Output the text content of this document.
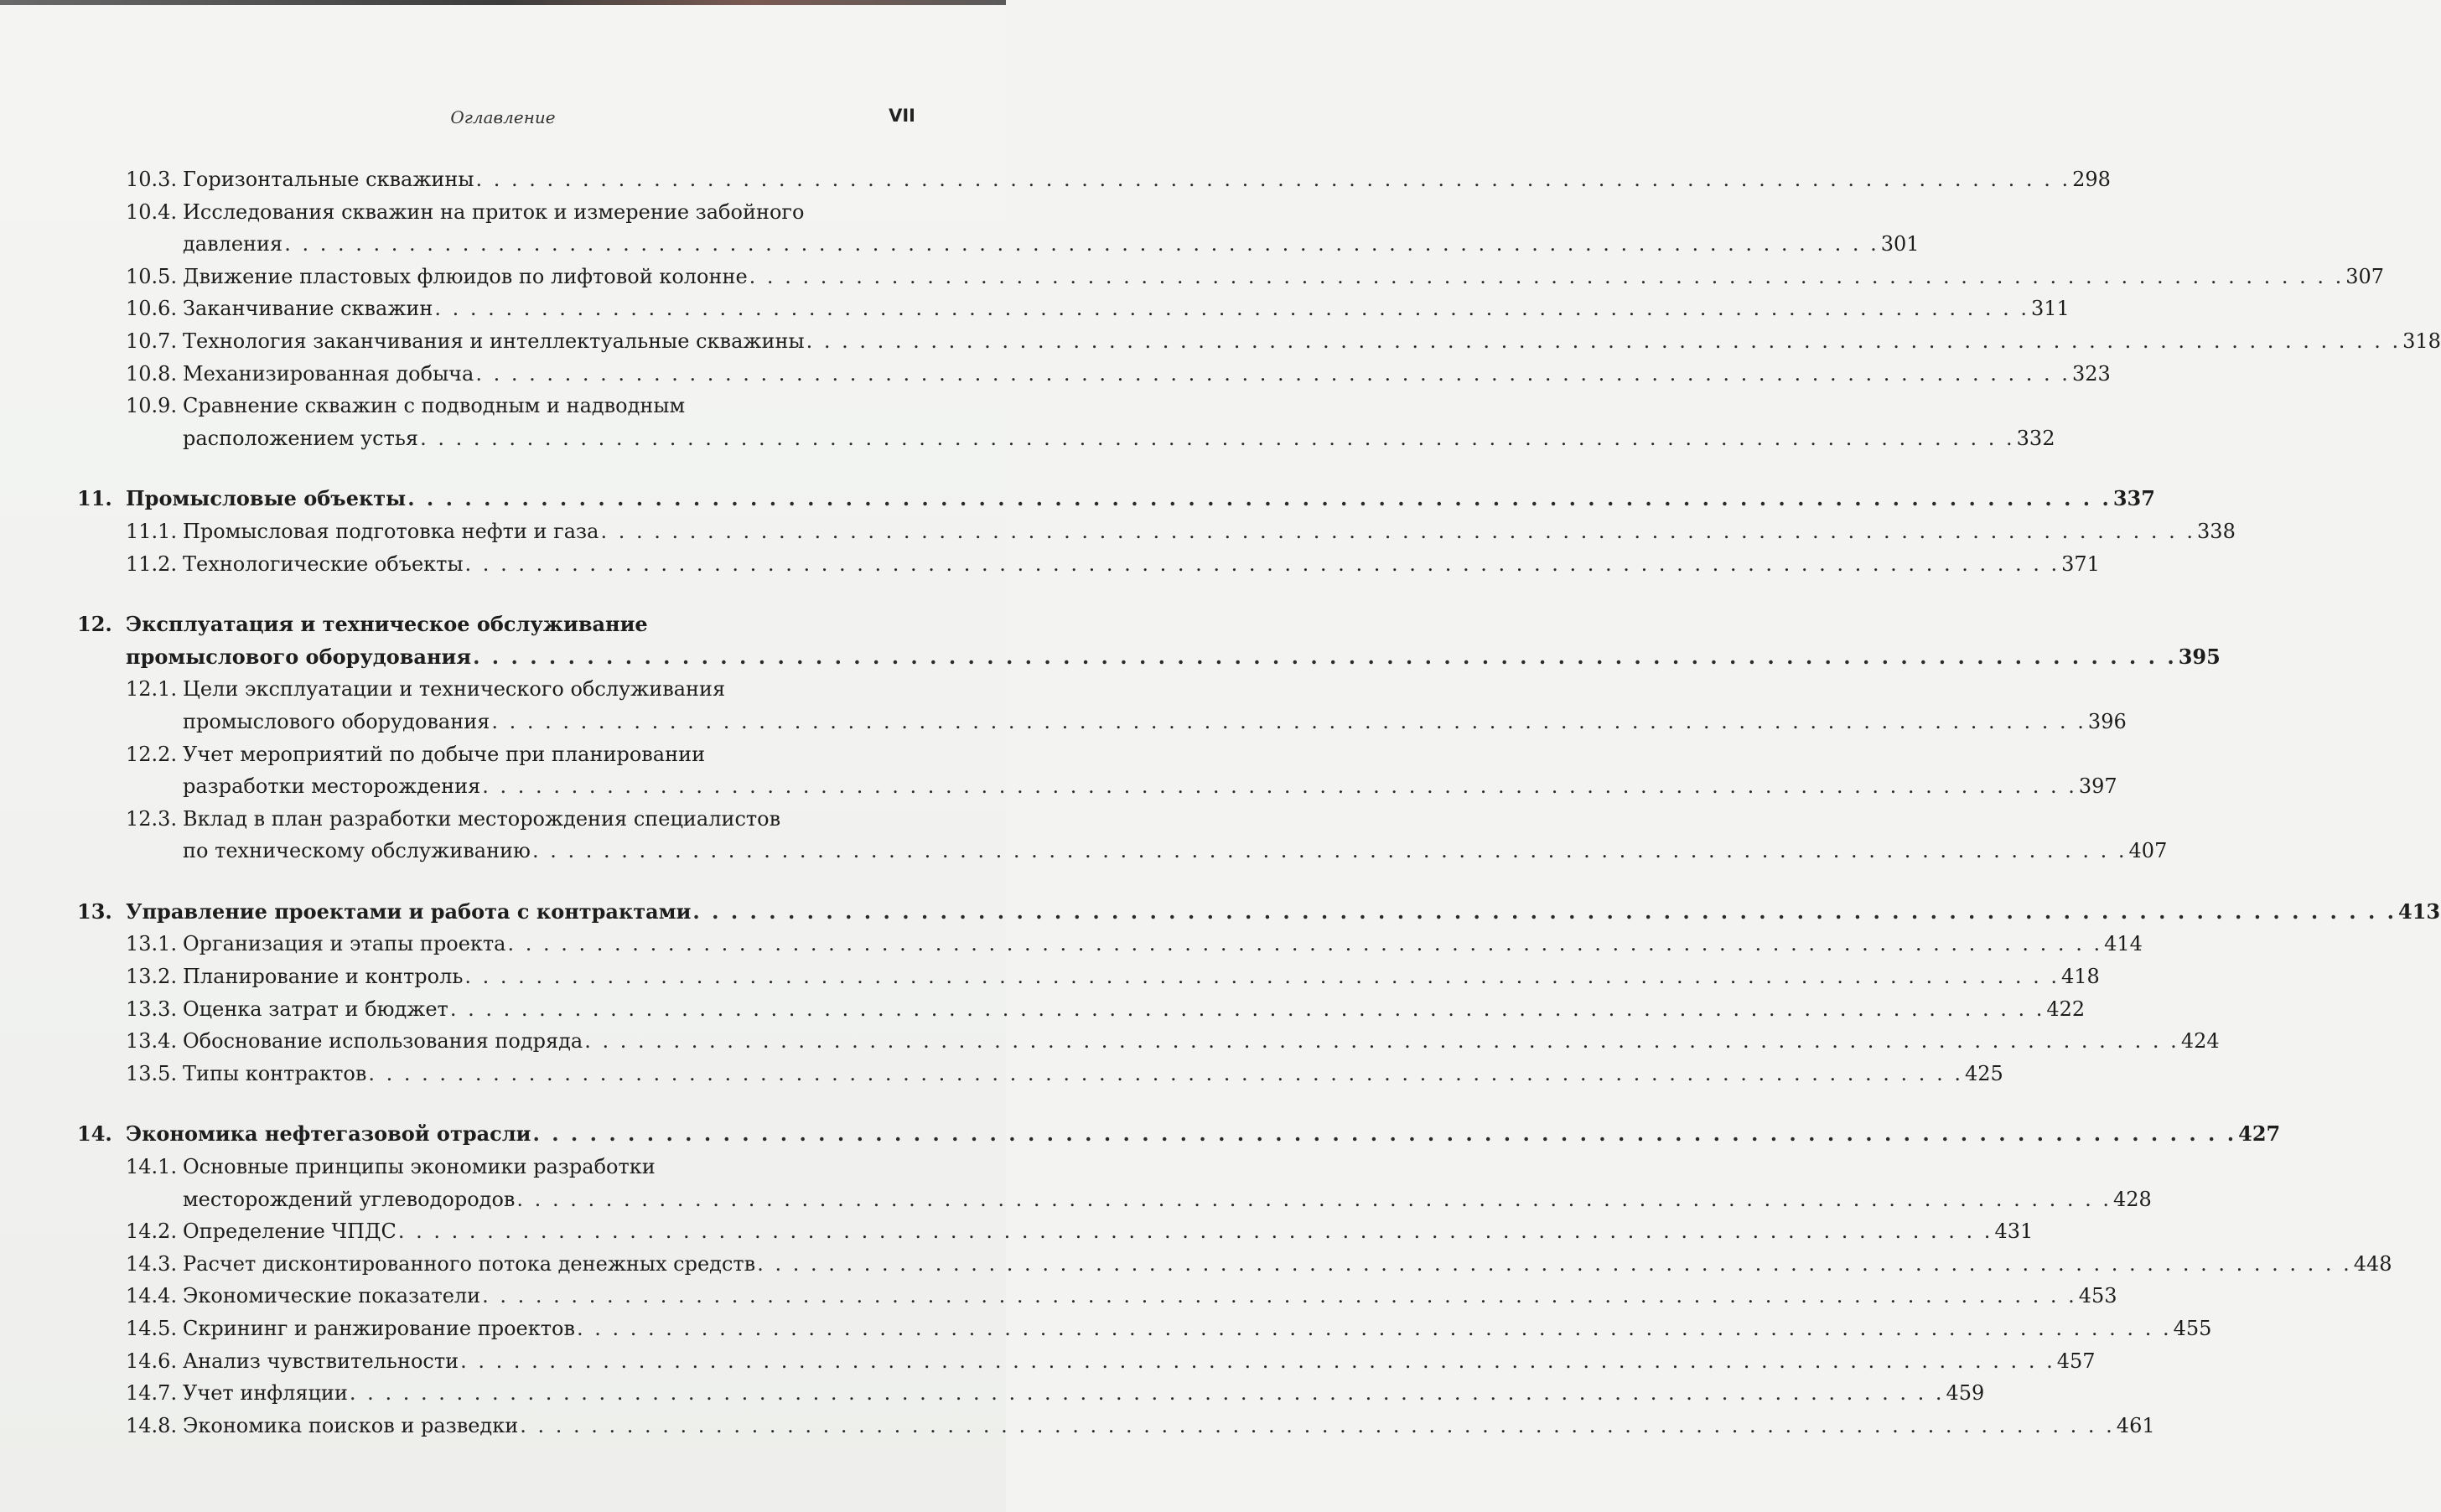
Оглавление	VII
10.3. Горизонтальные скважины . . . . . . . . . . . . . . . . . . . . . . . . . . . . . . . . . . . . . . . . . . . . . . . . . . . . . . . . . . . . . . . . . . . . . . . . . . . . . . . . . . . . . . . . . . 298
10.4. Исследования скважин на приток и измерение забойного
давления . . . . . . . . . . . . . . . . . . . . . . . . . . . . . . . . . . . . . . . . . . . . . . . . . . . . . . . . . . . . . . . . . . . . . . . . . . . . . . . . . . . . . . . . . . 301
10.5. Движение пластовых флюидов по лифтовой колонне . . . . . . . . . . . . . . . . . . . . . . . . . . . . . . . . . . . . . . . . . . . . . . . . . . . . . . . . . . . . . . . . . . . . . . . . . . . . . . . . . . . . . . . . . . 307
10.6. Заканчивание скважин . . . . . . . . . . . . . . . . . . . . . . . . . . . . . . . . . . . . . . . . . . . . . . . . . . . . . . . . . . . . . . . . . . . . . . . . . . . . . . . . . . . . . . . . . . 311
10.7. Технология заканчивания и интеллектуальные скважины . . . . . . . . . . . . . . . . . . . . . . . . . . . . . . . . . . . . . . . . . . . . . . . . . . . . . . . . . . . . . . . . . . . . . . . . . . . . . . . . . . . . . . . . . . 318
10.8. Механизированная добыча . . . . . . . . . . . . . . . . . . . . . . . . . . . . . . . . . . . . . . . . . . . . . . . . . . . . . . . . . . . . . . . . . . . . . . . . . . . . . . . . . . . . . . . . . . 323
10.9. Сравнение скважин с подводным и надводным
расположением устья . . . . . . . . . . . . . . . . . . . . . . . . . . . . . . . . . . . . . . . . . . . . . . . . . . . . . . . . . . . . . . . . . . . . . . . . . . . . . . . . . . . . . . . . . . 332
11. Промысловые объекты . . . . . . . . . . . . . . . . . . . . . . . . . . . . . . . . . . . . . . . . . . . . . . . . . . . . . . . . . . . . . . . . . . . . . . . . . . . . . . . . . . . . . . . . . . 337
11.1. Промысловая подготовка нефти и газа . . . . . . . . . . . . . . . . . . . . . . . . . . . . . . . . . . . . . . . . . . . . . . . . . . . . . . . . . . . . . . . . . . . . . . . . . . . . . . . . . . . . . . . . . . 338
11.2. Технологические объекты . . . . . . . . . . . . . . . . . . . . . . . . . . . . . . . . . . . . . . . . . . . . . . . . . . . . . . . . . . . . . . . . . . . . . . . . . . . . . . . . . . . . . . . . . . 371
12. Эксплуатация и техническое обслуживание
промыслового оборудования . . . . . . . . . . . . . . . . . . . . . . . . . . . . . . . . . . . . . . . . . . . . . . . . . . . . . . . . . . . . . . . . . . . . . . . . . . . . . . . . . . . . . . . . . . 395
12.1. Цели эксплуатации и технического обслуживания
промыслового оборудования . . . . . . . . . . . . . . . . . . . . . . . . . . . . . . . . . . . . . . . . . . . . . . . . . . . . . . . . . . . . . . . . . . . . . . . . . . . . . . . . . . . . . . . . . . 396
12.2. Учет мероприятий по добыче при планировании
разработки месторождения . . . . . . . . . . . . . . . . . . . . . . . . . . . . . . . . . . . . . . . . . . . . . . . . . . . . . . . . . . . . . . . . . . . . . . . . . . . . . . . . . . . . . . . . . . 397
12.3. Вклад в план разработки месторождения специалистов
по техническому обслуживанию . . . . . . . . . . . . . . . . . . . . . . . . . . . . . . . . . . . . . . . . . . . . . . . . . . . . . . . . . . . . . . . . . . . . . . . . . . . . . . . . . . . . . . . . . . 407
13. Управление проектами и работа с контрактами . . . . . . . . . . . . . . . . . . . . . . . . . . . . . . . . . . . . . . . . . . . . . . . . . . . . . . . . . . . . . . . . . . . . . . . . . . . . . . . . . . . . . . . . . . 413
13.1. Организация и этапы проекта . . . . . . . . . . . . . . . . . . . . . . . . . . . . . . . . . . . . . . . . . . . . . . . . . . . . . . . . . . . . . . . . . . . . . . . . . . . . . . . . . . . . . . . . . . 414
13.2. Планирование и контроль . . . . . . . . . . . . . . . . . . . . . . . . . . . . . . . . . . . . . . . . . . . . . . . . . . . . . . . . . . . . . . . . . . . . . . . . . . . . . . . . . . . . . . . . . . 418
13.3. Оценка затрат и бюджет . . . . . . . . . . . . . . . . . . . . . . . . . . . . . . . . . . . . . . . . . . . . . . . . . . . . . . . . . . . . . . . . . . . . . . . . . . . . . . . . . . . . . . . . . . 422
13.4. Обоснование использования подряда . . . . . . . . . . . . . . . . . . . . . . . . . . . . . . . . . . . . . . . . . . . . . . . . . . . . . . . . . . . . . . . . . . . . . . . . . . . . . . . . . . . . . . . . . . 424
13.5. Типы контрактов . . . . . . . . . . . . . . . . . . . . . . . . . . . . . . . . . . . . . . . . . . . . . . . . . . . . . . . . . . . . . . . . . . . . . . . . . . . . . . . . . . . . . . . . . . 425
14. Экономика нефтегазовой отрасли . . . . . . . . . . . . . . . . . . . . . . . . . . . . . . . . . . . . . . . . . . . . . . . . . . . . . . . . . . . . . . . . . . . . . . . . . . . . . . . . . . . . . . . . . . 427
14.1. Основные принципы экономики разработки
месторождений углеводородов . . . . . . . . . . . . . . . . . . . . . . . . . . . . . . . . . . . . . . . . . . . . . . . . . . . . . . . . . . . . . . . . . . . . . . . . . . . . . . . . . . . . . . . . . . 428
14.2. Определение ЧПДС . . . . . . . . . . . . . . . . . . . . . . . . . . . . . . . . . . . . . . . . . . . . . . . . . . . . . . . . . . . . . . . . . . . . . . . . . . . . . . . . . . . . . . . . . . 431
14.3. Расчет дисконтированного потока денежных средств . . . . . . . . . . . . . . . . . . . . . . . . . . . . . . . . . . . . . . . . . . . . . . . . . . . . . . . . . . . . . . . . . . . . . . . . . . . . . . . . . . . . . . . . . . 448
14.4. Экономические показатели . . . . . . . . . . . . . . . . . . . . . . . . . . . . . . . . . . . . . . . . . . . . . . . . . . . . . . . . . . . . . . . . . . . . . . . . . . . . . . . . . . . . . . . . . . 453
14.5. Скрининг и ранжирование проектов . . . . . . . . . . . . . . . . . . . . . . . . . . . . . . . . . . . . . . . . . . . . . . . . . . . . . . . . . . . . . . . . . . . . . . . . . . . . . . . . . . . . . . . . . . 455
14.6. Анализ чувствительности . . . . . . . . . . . . . . . . . . . . . . . . . . . . . . . . . . . . . . . . . . . . . . . . . . . . . . . . . . . . . . . . . . . . . . . . . . . . . . . . . . . . . . . . . . 457
14.7. Учет инфляции . . . . . . . . . . . . . . . . . . . . . . . . . . . . . . . . . . . . . . . . . . . . . . . . . . . . . . . . . . . . . . . . . . . . . . . . . . . . . . . . . . . . . . . . . . 459
14.8. Экономика поисков и разведки . . . . . . . . . . . . . . . . . . . . . . . . . . . . . . . . . . . . . . . . . . . . . . . . . . . . . . . . . . . . . . . . . . . . . . . . . . . . . . . . . . . . . . . . . . 461
